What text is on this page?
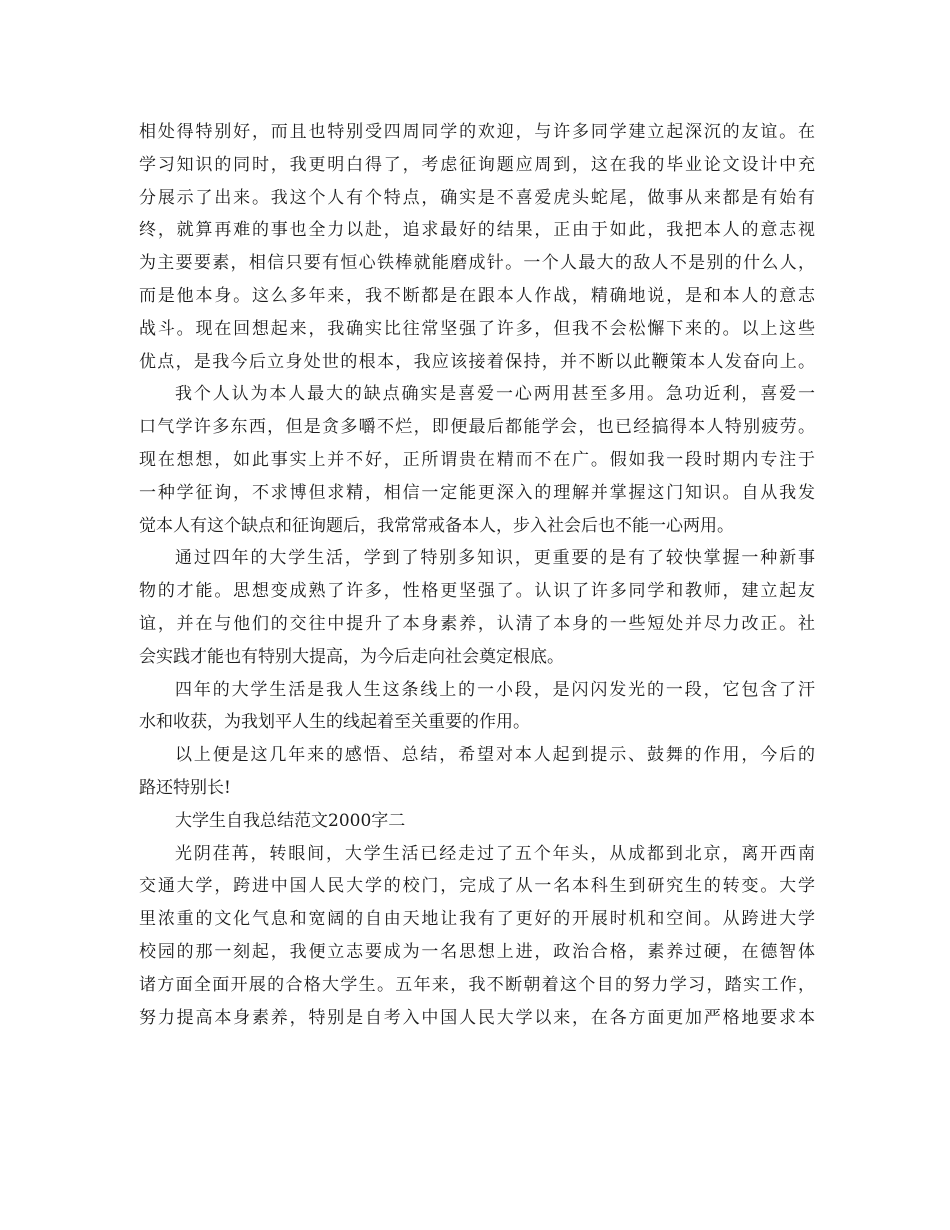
相处得特别好，而且也特别受四周同学的欢迎，与许多同学建立起深沉的友谊。在
学习知识的同时，我更明白得了，考虑征询题应周到，这在我的毕业论文设计中充
分展示了出来。我这个人有个特点，确实是不喜爱虎头蛇尾，做事从来都是有始有
终，就算再难的事也全力以赴，追求最好的结果，正由于如此，我把本人的意志视
为主要要素，相信只要有恒心铁棒就能磨成针。一个人最大的敌人不是别的什么人，
而是他本身。这么多年来，我不断都是在跟本人作战，精确地说，是和本人的意志
战斗。现在回想起来，我确实比往常坚强了许多，但我不会松懈下来的。以上这些
优点，是我今后立身处世的根本，我应该接着保持，并不断以此鞭策本人发奋向上。
我个人认为本人最大的缺点确实是喜爱一心两用甚至多用。急功近利，喜爱一
口气学许多东西，但是贪多嚼不烂，即便最后都能学会，也已经搞得本人特别疲劳。
现在想想，如此事实上并不好，正所谓贵在精而不在广。假如我一段时期内专注于
一种学征询，不求博但求精，相信一定能更深入的理解并掌握这门知识。自从我发
觉本人有这个缺点和征询题后，我常常戒备本人，步入社会后也不能一心两用。
通过四年的大学生活，学到了特别多知识，更重要的是有了较快掌握一种新事
物的才能。思想变成熟了许多，性格更坚强了。认识了许多同学和教师，建立起友
谊，并在与他们的交往中提升了本身素养，认清了本身的一些短处并尽力改正。社
会实践才能也有特别大提高，为今后走向社会奠定根底。
四年的大学生活是我人生这条线上的一小段，是闪闪发光的一段，它包含了汗
水和收获，为我划平人生的线起着至关重要的作用。
以上便是这几年来的感悟、总结，希望对本人起到提示、鼓舞的作用，今后的
路还特别长!
大学生自我总结范文2000字二
光阴荏苒，转眼间，大学生活已经走过了五个年头，从成都到北京，离开西南
交通大学，跨进中国人民大学的校门，完成了从一名本科生到研究生的转变。大学
里浓重的文化气息和宽阔的自由天地让我有了更好的开展时机和空间。从跨进大学
校园的那一刻起，我便立志要成为一名思想上进，政治合格，素养过硬，在德智体
诸方面全面开展的合格大学生。五年来，我不断朝着这个目的努力学习，踏实工作，
努力提高本身素养，特别是自考入中国人民大学以来，在各方面更加严格地要求本
